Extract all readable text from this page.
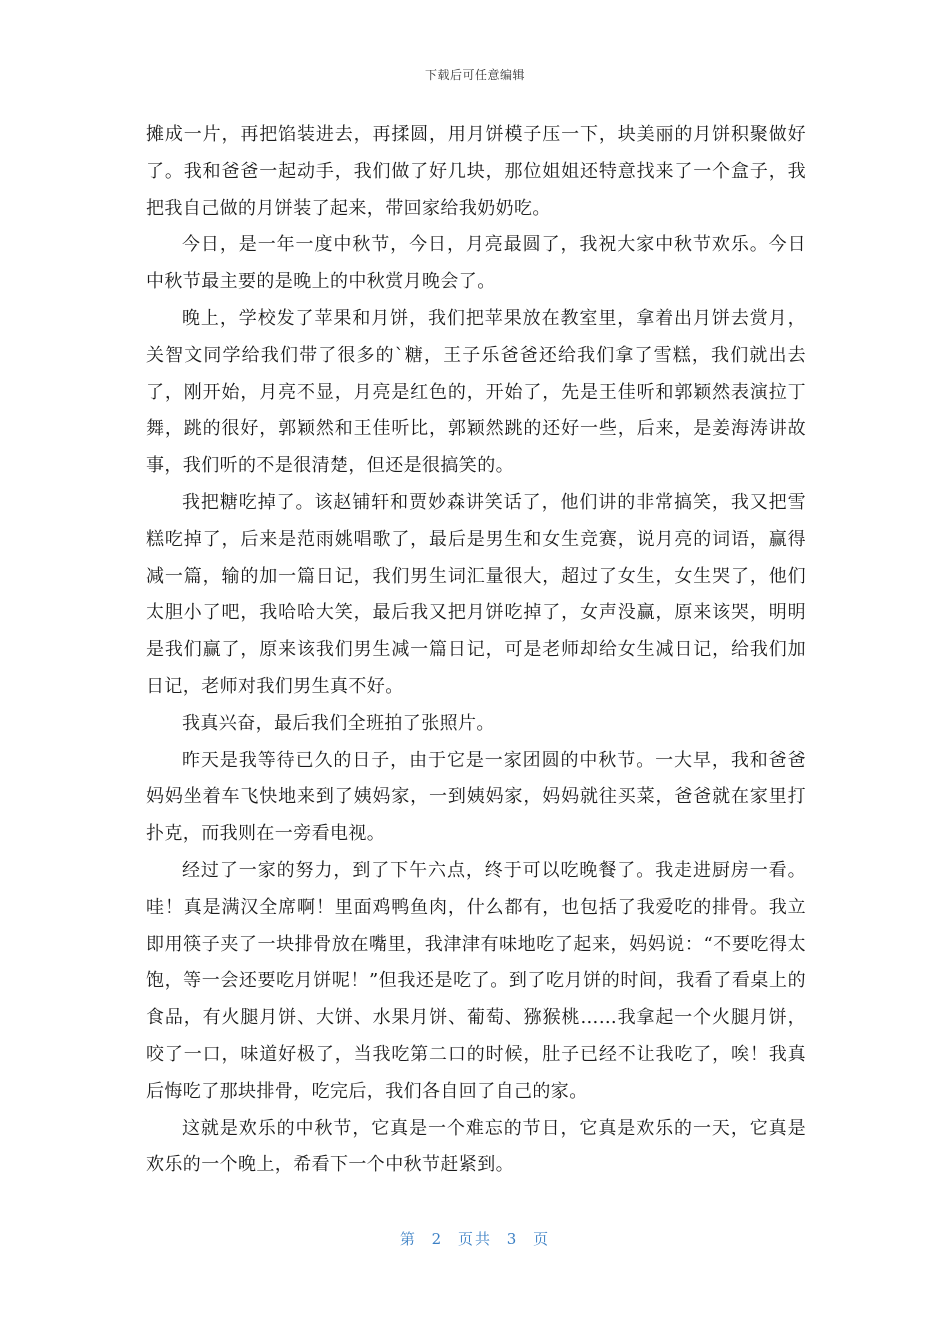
下载后可任意编辑

摊成一片，再把馅装进去，再揉圆，用月饼模子压一下，块美丽的月饼积聚做好了。我和爸爸一起动手，我们做了好几块，那位姐姐还特意找来了一个盒子，我把我自己做的月饼装了起来，带回家给我奶奶吃。

今日，是一年一度中秋节，今日，月亮最圆了，我祝大家中秋节欢乐。今日中秋节最主要的是晚上的中秋赏月晚会了。

晚上，学校发了苹果和月饼，我们把苹果放在教室里，拿着出月饼去赏月，关智文同学给我们带了很多的`糖，王子乐爸爸还给我们拿了雪糕，我们就出去了，刚开始，月亮不显，月亮是红色的，开始了，先是王佳听和郭颖然表演拉丁舞，跳的很好，郭颖然和王佳听比，郭颖然跳的还好一些，后来，是姜海涛讲故事，我们听的不是很清楚，但还是很搞笑的。

我把糖吃掉了。该赵铺轩和贾妙森讲笑话了，他们讲的非常搞笑，我又把雪糕吃掉了，后来是范雨姚唱歌了，最后是男生和女生竞赛，说月亮的词语，赢得减一篇，输的加一篇日记，我们男生词汇量很大，超过了女生，女生哭了，他们太胆小了吧，我哈哈大笑，最后我又把月饼吃掉了，女声没赢，原来该哭，明明是我们赢了，原来该我们男生减一篇日记，可是老师却给女生减日记，给我们加日记，老师对我们男生真不好。

我真兴奋，最后我们全班拍了张照片。

昨天是我等待已久的日子，由于它是一家团圆的中秋节。一大早，我和爸爸妈妈坐着车飞快地来到了姨妈家，一到姨妈家，妈妈就往买菜，爸爸就在家里打扑克，而我则在一旁看电视。

经过了一家的努力，到了下午六点，终于可以吃晚餐了。我走进厨房一看。哇！真是满汉全席啊！里面鸡鸭鱼肉，什么都有，也包括了我爱吃的排骨。我立即用筷子夹了一块排骨放在嘴里，我津津有味地吃了起来，妈妈说：“不要吃得太饱，等一会还要吃月饼呢！”但我还是吃了。到了吃月饼的时间，我看了看桌上的食品，有火腿月饼、大饼、水果月饼、葡萄、猕猴桃……我拿起一个火腿月饼，咬了一口，味道好极了，当我吃第二口的时候，肚子已经不让我吃了，唉！我真后悔吃了那块排骨，吃完后，我们各自回了自己的家。

这就是欢乐的中秋节，它真是一个难忘的节日，它真是欢乐的一天，它真是欢乐的一个晚上，希看下一个中秋节赶紧到。

第 2 页共 3 页
